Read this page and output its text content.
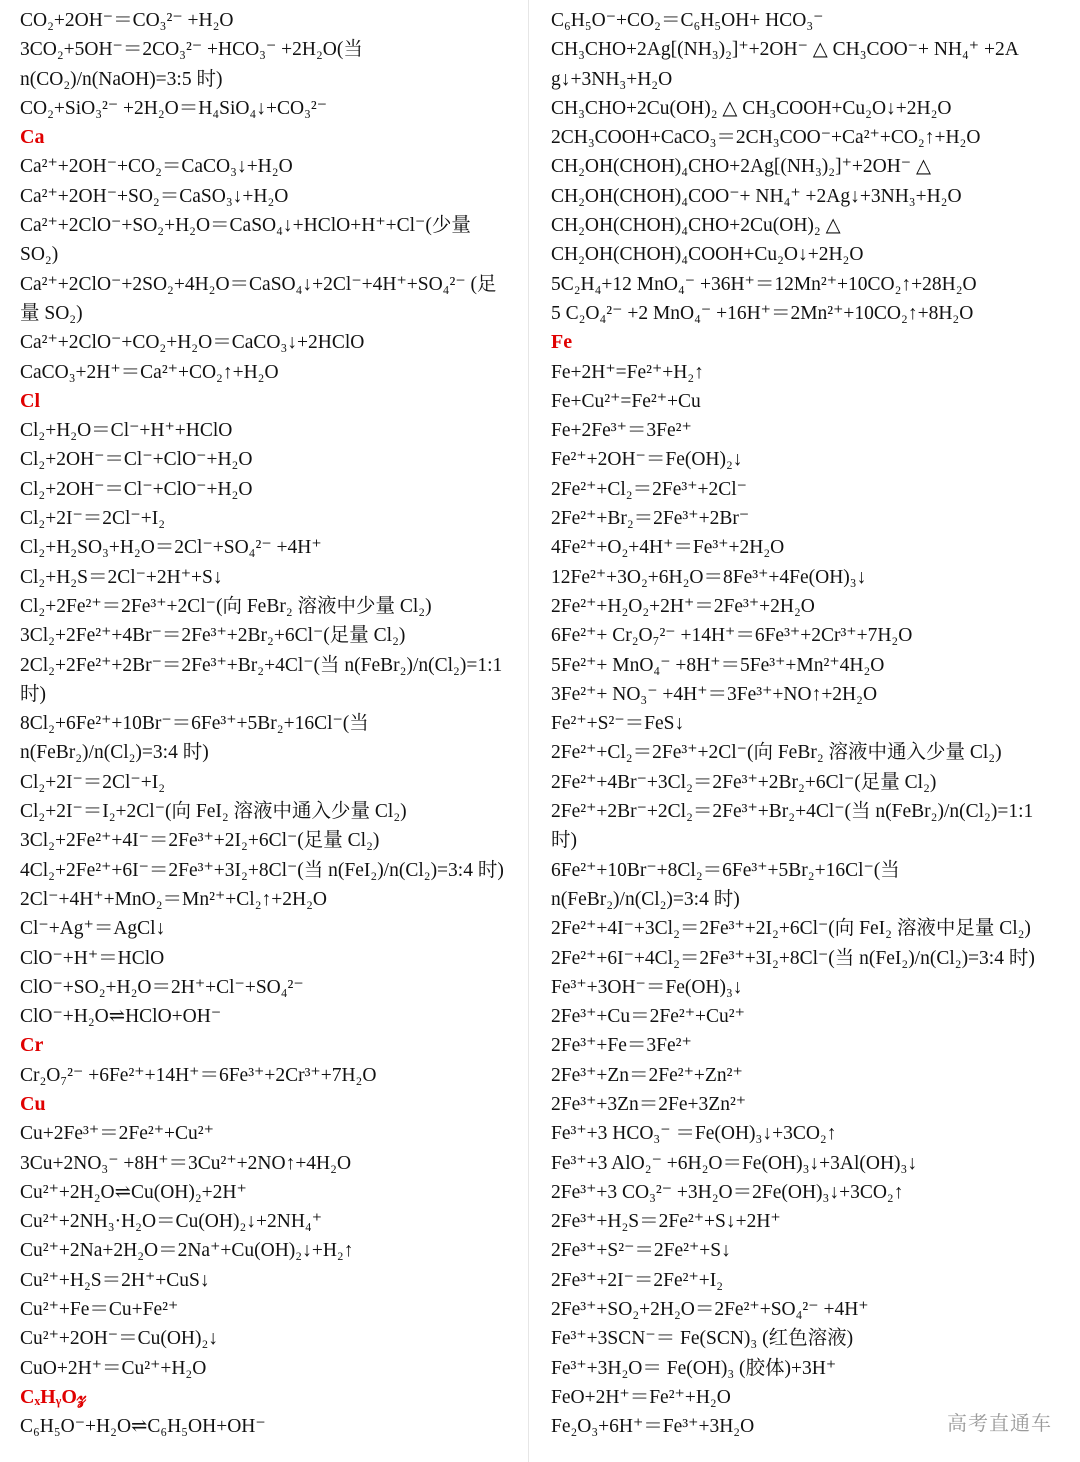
CO₂+2OH⁻＝CO₃²⁻ +H₂O
3CO₂+5OH⁻＝2CO₃²⁻ +HCO₃⁻ +2H₂O(当
n(CO₂)/n(NaOH)=3:5 时)
CO₂+SiO₃²⁻ +2H₂O＝H₄SiO₄↓+CO₃²⁻
Ca
Ca²⁺+2OH⁻+CO₂＝CaCO₃↓+H₂O
Ca²⁺+2OH⁻+SO₂＝CaSO₃↓+H₂O
Ca²⁺+2ClO⁻+SO₂+H₂O＝CaSO₄↓+HClO+H⁺+Cl⁻(少量
SO₂)
Ca²⁺+2ClO⁻+2SO₂+4H₂O＝CaSO₄↓+2Cl⁻+4H⁺+SO₄²⁻ (足
量 SO₂)
Ca²⁺+2ClO⁻+CO₂+H₂O＝CaCO₃↓+2HClO
CaCO₃+2H⁺＝Ca²⁺+CO₂↑+H₂O
Cl
Cl₂+H₂O＝Cl⁻+H⁺+HClO
Cl₂+2OH⁻＝Cl⁻+ClO⁻+H₂O
Cl₂+2OH⁻＝Cl⁻+ClO⁻+H₂O
Cl₂+2I⁻＝2Cl⁻+I₂
Cl₂+H₂SO₃+H₂O＝2Cl⁻+SO₄²⁻ +4H⁺
Cl₂+H₂S＝2Cl⁻+2H⁺+S↓
Cl₂+2Fe²⁺＝2Fe³⁺+2Cl⁻(向 FeBr₂ 溶液中少量 Cl₂)
3Cl₂+2Fe²⁺+4Br⁻＝2Fe³⁺+2Br₂+6Cl⁻(足量 Cl₂)
2Cl₂+2Fe²⁺+2Br⁻＝2Fe³⁺+Br₂+4Cl⁻(当 n(FeBr₂)/n(Cl₂)=1:1
时)
8Cl₂+6Fe²⁺+10Br⁻＝6Fe³⁺+5Br₂+16Cl⁻(当
n(FeBr₂)/n(Cl₂)=3:4 时)
Cl₂+2I⁻＝2Cl⁻+I₂
Cl₂+2I⁻＝I₂+2Cl⁻(向 FeI₂ 溶液中通入少量 Cl₂)
3Cl₂+2Fe²⁺+4I⁻＝2Fe³⁺+2I₂+6Cl⁻(足量 Cl₂)
4Cl₂+2Fe²⁺+6I⁻＝2Fe³⁺+3I₂+8Cl⁻(当 n(FeI₂)/n(Cl₂)=3:4 时)
2Cl⁻+4H⁺+MnO₂＝Mn²⁺+Cl₂↑+2H₂O
Cl⁻+Ag⁺＝AgCl↓
ClO⁻+H⁺＝HClO
ClO⁻+SO₂+H₂O＝2H⁺+Cl⁻+SO₄²⁻
ClO⁻+H₂O⇌HClO+OH⁻
Cr
Cr₂O₇²⁻ +6Fe²⁺+14H⁺＝6Fe³⁺+2Cr³⁺+7H₂O
Cu
Cu+2Fe³⁺＝2Fe²⁺+Cu²⁺
3Cu+2NO₃⁻ +8H⁺＝3Cu²⁺+2NO↑+4H₂O
Cu²⁺+2H₂O⇌Cu(OH)₂+2H⁺
Cu²⁺+2NH₃·H₂O＝Cu(OH)₂↓+2NH₄⁺
Cu²⁺+2Na+2H₂O＝2Na⁺+Cu(OH)₂↓+H₂↑
Cu²⁺+H₂S＝2H⁺+CuS↓
Cu²⁺+Fe＝Cu+Fe²⁺
Cu²⁺+2OH⁻＝Cu(OH)₂↓
CuO+2H⁺＝Cu²⁺+H₂O
CₓHᵧO𝓏
C₆H₅O⁻+H₂O⇌C₆H₅OH+OH⁻
C₆H₅O⁻+CO₂＝C₆H₅OH+ HCO₃⁻
CH₃CHO+2Ag[(NH₃)₂]⁺+2OH⁻ △ CH₃COO⁻+ NH₄⁺ +2A
g↓+3NH₃+H₂O
CH₃CHO+2Cu(OH)₂ △ CH₃COOH+Cu₂O↓+2H₂O
2CH₃COOH+CaCO₃＝2CH₃COO⁻+Ca²⁺+CO₂↑+H₂O
CH₂OH(CHOH)₄CHO+2Ag[(NH₃)₂]⁺+2OH⁻ △
CH₂OH(CHOH)₄COO⁻+ NH₄⁺ +2Ag↓+3NH₃+H₂O
CH₂OH(CHOH)₄CHO+2Cu(OH)₂ △
CH₂OH(CHOH)₄COOH+Cu₂O↓+2H₂O
5C₂H₄+12 MnO₄⁻ +36H⁺＝12Mn²⁺+10CO₂↑+28H₂O
5 C₂O₄²⁻ +2 MnO₄⁻ +16H⁺＝2Mn²⁺+10CO₂↑+8H₂O
Fe
Fe+2H⁺=Fe²⁺+H₂↑
Fe+Cu²⁺=Fe²⁺+Cu
Fe+2Fe³⁺＝3Fe²⁺
Fe²⁺+2OH⁻＝Fe(OH)₂↓
2Fe²⁺+Cl₂＝2Fe³⁺+2Cl⁻
2Fe²⁺+Br₂＝2Fe³⁺+2Br⁻
4Fe²⁺+O₂+4H⁺＝Fe³⁺+2H₂O
12Fe²⁺+3O₂+6H₂O＝8Fe³⁺+4Fe(OH)₃↓
2Fe²⁺+H₂O₂+2H⁺＝2Fe³⁺+2H₂O
6Fe²⁺+ Cr₂O₇²⁻ +14H⁺＝6Fe³⁺+2Cr³⁺+7H₂O
5Fe²⁺+ MnO₄⁻ +8H⁺＝5Fe³⁺+Mn²⁺4H₂O
3Fe²⁺+ NO₃⁻ +4H⁺＝3Fe³⁺+NO↑+2H₂O
Fe²⁺+S²⁻＝FeS↓
2Fe²⁺+Cl₂＝2Fe³⁺+2Cl⁻(向 FeBr₂ 溶液中通入少量 Cl₂)
2Fe²⁺+4Br⁻+3Cl₂＝2Fe³⁺+2Br₂+6Cl⁻(足量 Cl₂)
2Fe²⁺+2Br⁻+2Cl₂＝2Fe³⁺+Br₂+4Cl⁻(当 n(FeBr₂)/n(Cl₂)=1:1
时)
6Fe²⁺+10Br⁻+8Cl₂＝6Fe³⁺+5Br₂+16Cl⁻(当
n(FeBr₂)/n(Cl₂)=3:4 时)
2Fe²⁺+4I⁻+3Cl₂＝2Fe³⁺+2I₂+6Cl⁻(向 FeI₂ 溶液中足量 Cl₂)
2Fe²⁺+6I⁻+4Cl₂＝2Fe³⁺+3I₂+8Cl⁻(当 n(FeI₂)/n(Cl₂)=3:4 时)
Fe³⁺+3OH⁻＝Fe(OH)₃↓
2Fe³⁺+Cu＝2Fe²⁺+Cu²⁺
2Fe³⁺+Fe＝3Fe²⁺
2Fe³⁺+Zn＝2Fe²⁺+Zn²⁺
2Fe³⁺+3Zn＝2Fe+3Zn²⁺
Fe³⁺+3 HCO₃⁻ ＝Fe(OH)₃↓+3CO₂↑
Fe³⁺+3 AlO₂⁻ +6H₂O＝Fe(OH)₃↓+3Al(OH)₃↓
2Fe³⁺+3 CO₃²⁻ +3H₂O＝2Fe(OH)₃↓+3CO₂↑
2Fe³⁺+H₂S＝2Fe²⁺+S↓+2H⁺
2Fe³⁺+S²⁻＝2Fe²⁺+S↓
2Fe³⁺+2I⁻＝2Fe²⁺+I₂
2Fe³⁺+SO₂+2H₂O＝2Fe²⁺+SO₄²⁻ +4H⁺
Fe³⁺+3SCN⁻＝ Fe(SCN)₃ (红色溶液)
Fe³⁺+3H₂O＝ Fe(OH)₃ (胶体)+3H⁺
FeO+2H⁺＝Fe²⁺+H₂O
Fe₂O₃+6H⁺＝Fe³⁺+3H₂O	高考直通车
